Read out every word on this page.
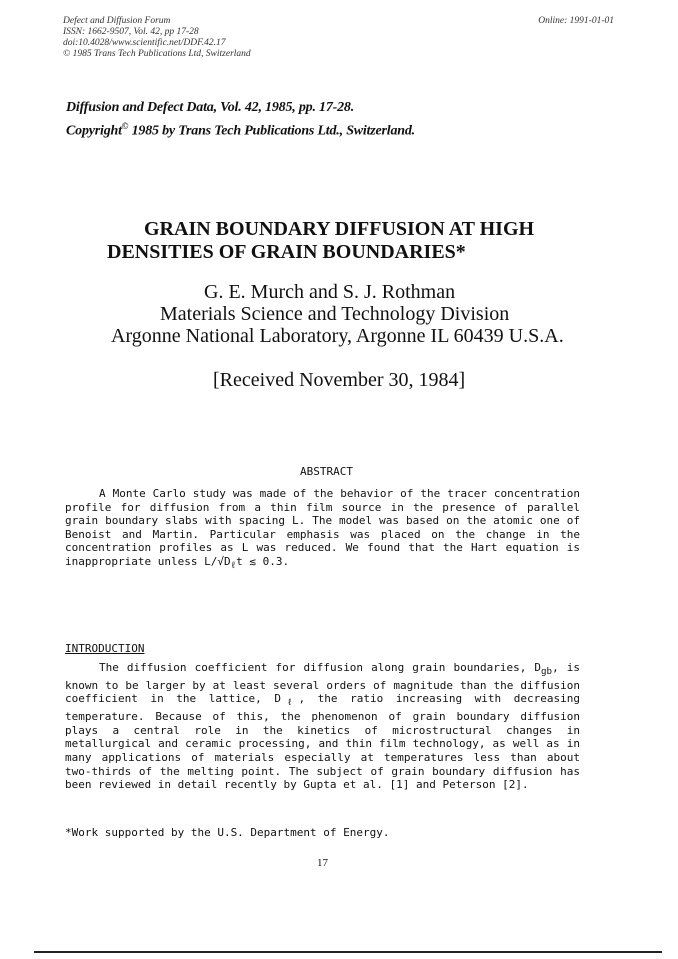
Defect and Diffusion Forum
ISSN: 1662-9507, Vol. 42, pp 17-28
doi:10.4028/www.scientific.net/DDF.42.17
© 1985 Trans Tech Publications Ltd, Switzerland
Online: 1991-01-01
Diffusion and Defect Data, Vol. 42, 1985, pp. 17-28.
Copyright© 1985 by Trans Tech Publications Ltd., Switzerland.
GRAIN BOUNDARY DIFFUSION AT HIGH
DENSITIES OF GRAIN BOUNDARIES*
G. E. Murch and S. J. Rothman
Materials Science and Technology Division
Argonne National Laboratory, Argonne IL 60439 U.S.A.
[Received November 30, 1984]
ABSTRACT
A Monte Carlo study was made of the behavior of the tracer concentration profile for diffusion from a thin film source in the presence of parallel grain boundary slabs with spacing L. The model was based on the atomic one of Benoist and Martin. Particular emphasis was placed on the change in the concentration profiles as L was reduced. We found that the Hart equation is inappropriate unless $L/√D_\ell t$ ≲ 0.3.
INTRODUCTION
The diffusion coefficient for diffusion along grain boundaries, $D_{gb}$, is known to be larger by at least several orders of magnitude than the diffusion coefficient in the lattice, $D_\ell$, the ratio increasing with decreasing temperature. Because of this, the phenomenon of grain boundary diffusion plays a central role in the kinetics of microstructural changes in metallurgical and ceramic processing, and thin film technology, as well as in many applications of materials especially at temperatures less than about two-thirds of the melting point. The subject of grain boundary diffusion has been reviewed in detail recently by Gupta et al. [1] and Peterson [2].
*Work supported by the U.S. Department of Energy.
17
